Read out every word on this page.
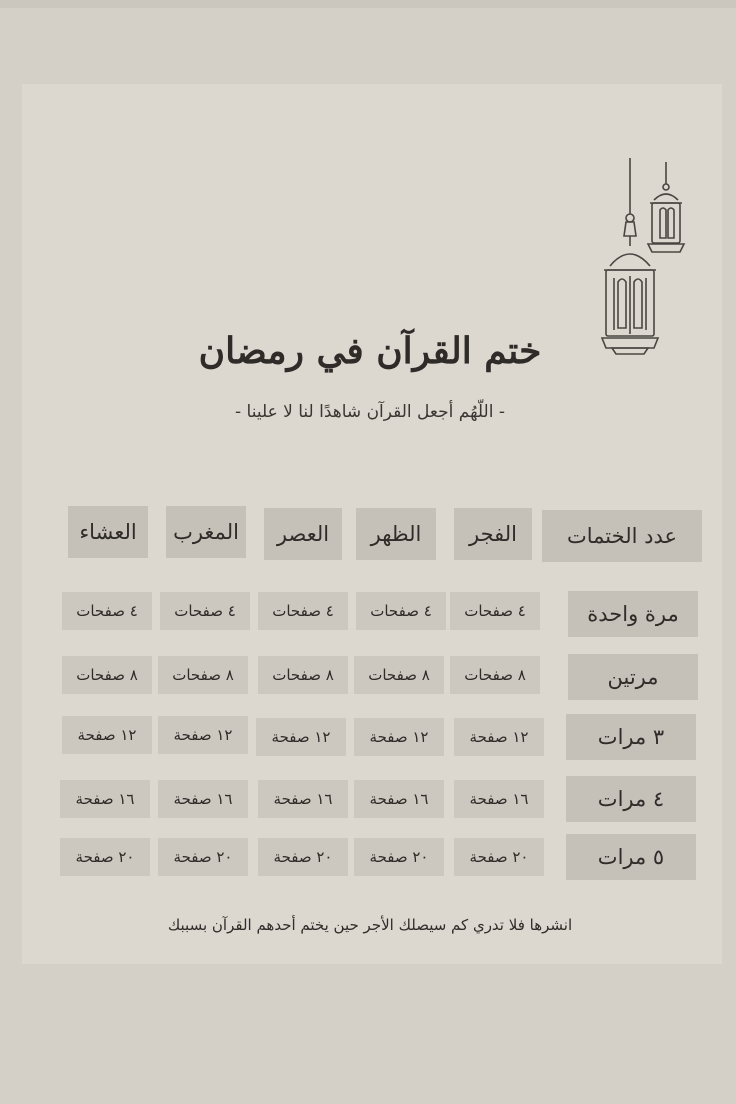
ختم القرآن في رمضان
- اللّهُم أجعل القرآن شاهدًا لنا لا علينا -
عدد الختمات
الفجر
الظهر
العصر
المغرب
العشاء
مرة واحدة
٤ صفحات
٤ صفحات
٤ صفحات
٤ صفحات
٤ صفحات
مرتين
٨ صفحات
٨ صفحات
٨ صفحات
٨ صفحات
٨ صفحات
٣ مرات
١٢ صفحة
١٢ صفحة
١٢ صفحة
١٢ صفحة
١٢ صفحة
٤ مرات
١٦ صفحة
١٦ صفحة
١٦ صفحة
١٦ صفحة
١٦ صفحة
٥ مرات
٢٠ صفحة
٢٠ صفحة
٢٠ صفحة
٢٠ صفحة
٢٠ صفحة
انشرها فلا تدري كم سيصلك الأجر حين يختم أحدهم القرآن بسببك
